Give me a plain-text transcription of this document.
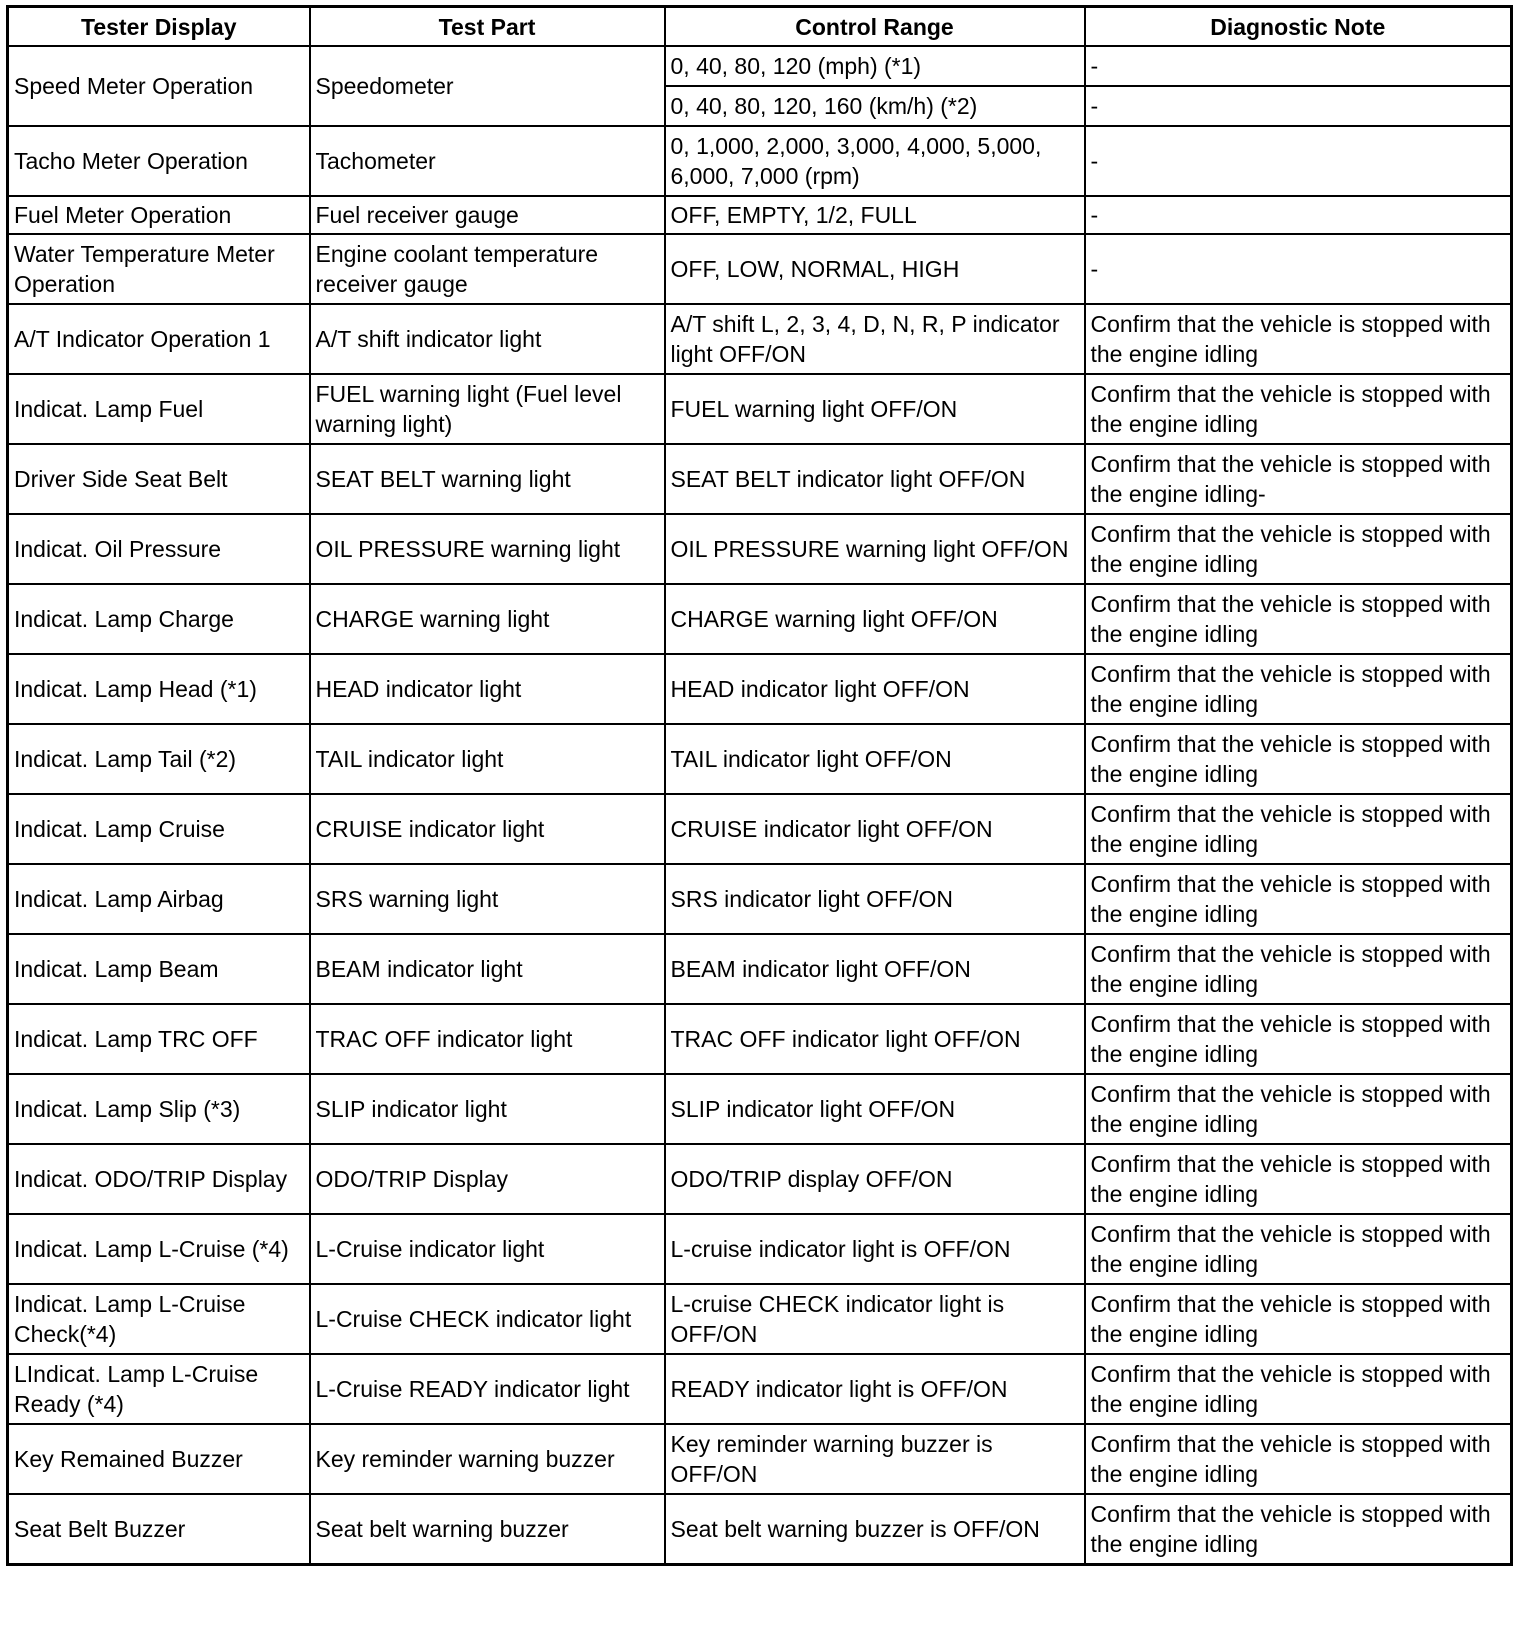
Tester Display	Test Part	Control Range	Diagnostic Note
Speed Meter Operation	Speedometer	0, 40, 80, 120 (mph) (*1)	-
		0, 40, 80, 120, 160 (km/h) (*2)	-
Tacho Meter Operation	Tachometer	0, 1,000, 2,000, 3,000, 4,000, 5,000, 6,000, 7,000 (rpm)	-
Fuel Meter Operation	Fuel receiver gauge	OFF, EMPTY, 1/2, FULL	-
Water Temperature Meter Operation	Engine coolant temperature receiver gauge	OFF, LOW, NORMAL, HIGH	-
A/T Indicator Operation 1	A/T shift indicator light	A/T shift L, 2, 3, 4, D, N, R, P indicator light OFF/ON	Confirm that the vehicle is stopped with the engine idling
Indicat. Lamp Fuel	FUEL warning light (Fuel level warning light)	FUEL warning light OFF/ON	Confirm that the vehicle is stopped with the engine idling
Driver Side Seat Belt	SEAT BELT warning light	SEAT BELT indicator light OFF/ON	Confirm that the vehicle is stopped with the engine idling-
Indicat. Oil Pressure	OIL PRESSURE warning light	OIL PRESSURE warning light OFF/ON	Confirm that the vehicle is stopped with the engine idling
Indicat. Lamp Charge	CHARGE warning light	CHARGE warning light OFF/ON	Confirm that the vehicle is stopped with the engine idling
Indicat. Lamp Head (*1)	HEAD indicator light	HEAD indicator light OFF/ON	Confirm that the vehicle is stopped with the engine idling
Indicat. Lamp Tail (*2)	TAIL indicator light	TAIL indicator light OFF/ON	Confirm that the vehicle is stopped with the engine idling
Indicat. Lamp Cruise	CRUISE indicator light	CRUISE indicator light OFF/ON	Confirm that the vehicle is stopped with the engine idling
Indicat. Lamp Airbag	SRS warning light	SRS indicator light OFF/ON	Confirm that the vehicle is stopped with the engine idling
Indicat. Lamp Beam	BEAM indicator light	BEAM indicator light OFF/ON	Confirm that the vehicle is stopped with the engine idling
Indicat. Lamp TRC OFF	TRAC OFF indicator light	TRAC OFF indicator light OFF/ON	Confirm that the vehicle is stopped with the engine idling
Indicat. Lamp Slip (*3)	SLIP indicator light	SLIP indicator light OFF/ON	Confirm that the vehicle is stopped with the engine idling
Indicat. ODO/TRIP Display	ODO/TRIP Display	ODO/TRIP display OFF/ON	Confirm that the vehicle is stopped with the engine idling
Indicat. Lamp L-Cruise (*4)	L-Cruise indicator light	L-cruise indicator light is OFF/ON	Confirm that the vehicle is stopped with the engine idling
Indicat. Lamp L-Cruise Check(*4)	L-Cruise CHECK indicator light	L-cruise CHECK indicator light is OFF/ON	Confirm that the vehicle is stopped with the engine idling
LIndicat. Lamp L-Cruise Ready (*4)	L-Cruise READY indicator light	READY indicator light is OFF/ON	Confirm that the vehicle is stopped with the engine idling
Key Remained Buzzer	Key reminder warning buzzer	Key reminder warning buzzer is OFF/ON	Confirm that the vehicle is stopped with the engine idling
Seat Belt Buzzer	Seat belt warning buzzer	Seat belt warning buzzer is OFF/ON	Confirm that the vehicle is stopped with the engine idling
